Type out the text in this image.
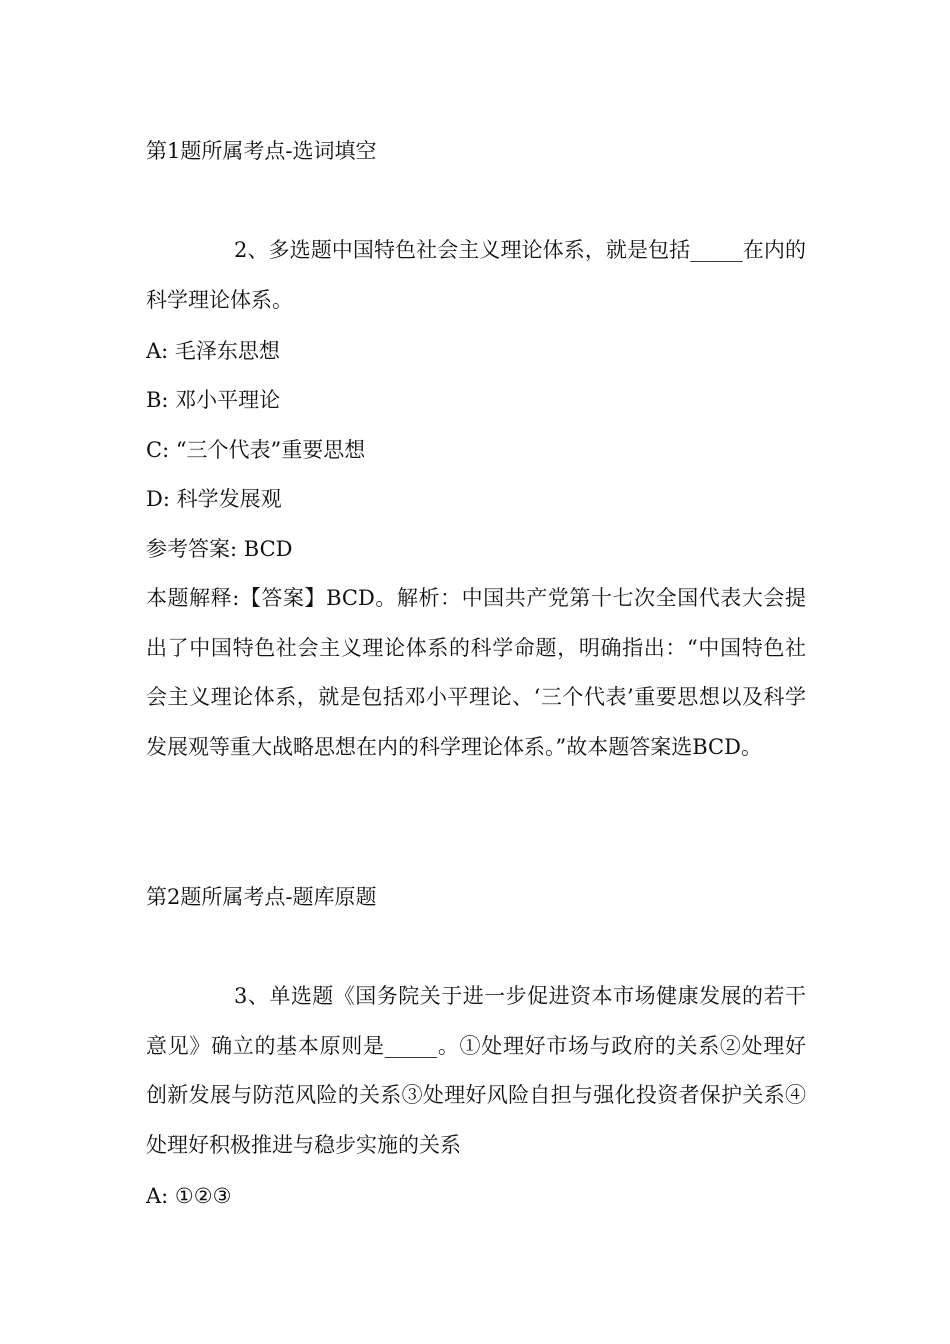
第1题所属考点-选词填空
2、多选题中国特色社会主义理论体系，就是包括_____在内的科学理论体系。
A: 毛泽东思想
B: 邓小平理论
C: “三个代表”重要思想
D: 科学发展观
参考答案: BCD
本题解释:【答案】BCD。解析：中国共产党第十七次全国代表大会提出了中国特色社会主义理论体系的科学命题，明确指出：“中国特色社会主义理论体系，就是包括邓小平理论、‘三个代表’重要思想以及科学发展观等重大战略思想在内的科学理论体系。”故本题答案选BCD。
第2题所属考点-题库原题
3、单选题《国务院关于进一步促进资本市场健康发展的若干意见》确立的基本原则是_____。①处理好市场与政府的关系②处理好创新发展与防范风险的关系③处理好风险自担与强化投资者保护关系④处理好积极推进与稳步实施的关系
A: ①②③
